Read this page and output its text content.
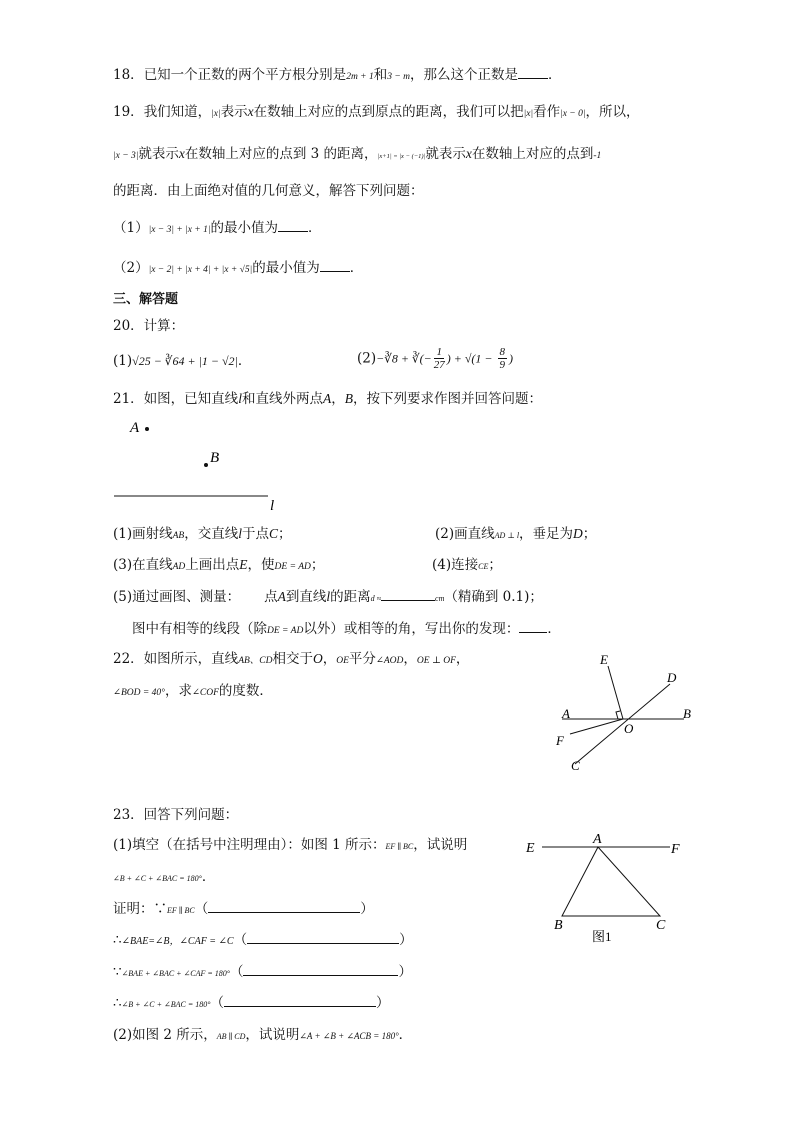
18．已知一个正数的两个平方根分别是2m + 1和3 − m，那么这个正数是 ．
19．我们知道，|x|表示x在数轴上对应的点到原点的距离，我们可以把|x|看作|x − 0|，所以，
|x − 3|就表示x在数轴上对应的点到 3 的距离，|x+1| = |x − (−1)|就表示x在数轴上对应的点到-1
的距离．由上面绝对值的几何意义，解答下列问题：
（1）|x − 3| + |x + 1|的最小值为 ．
（2）|x − 2| + |x + 4| + |x + √5|的最小值为 ．
三、解答题
20．计算：
(1)√25 − ∛64 + |1 − √2|．	(2)−∛8 + ∛(− $\frac{1}{27}$ ) + $√(1 - \frac{8}{9}$ )
21．如图，已知直线l和直线外两点A，B，按下列要求作图并回答问题：
A
B
l
(1)画射线AB，交直线l于点C；	(2)画直线AD ⊥ l，垂足为D；
(3)在直线AD上画出点E，使DE = AD；	(4)连接CE；
(5)通过画图、测量： 点A到直线l的距离d ≈	cm（精确到 0.1)；
图中有相等的线段（除DE = AD以外）或相等的角，写出你的发现： ．
22．如图所示，直线AB、CD相交于O，OE平分∠AOD，OE ⊥ OF，
∠BOD = 40°，求∠COF的度数．
E
D
A	B
O
F
C
23．回答下列问题：
(1)填空（在括号中注明理由）：如图 1 所示：EF ∥ BC，试说明
∠B + ∠C + ∠BAC = 180°．
证明：∵EF ∥ BC（	）
∴∠BAE=∠B，∠CAF = ∠C（	）
∵∠BAE + ∠BAC + ∠CAF = 180°（	）
∴∠B + ∠C + ∠BAC = 180°（	）
(2)如图 2 所示，AB ∥ CD，试说明∠A + ∠B + ∠ACB = 180°．
E
A
F
B	C
图1
